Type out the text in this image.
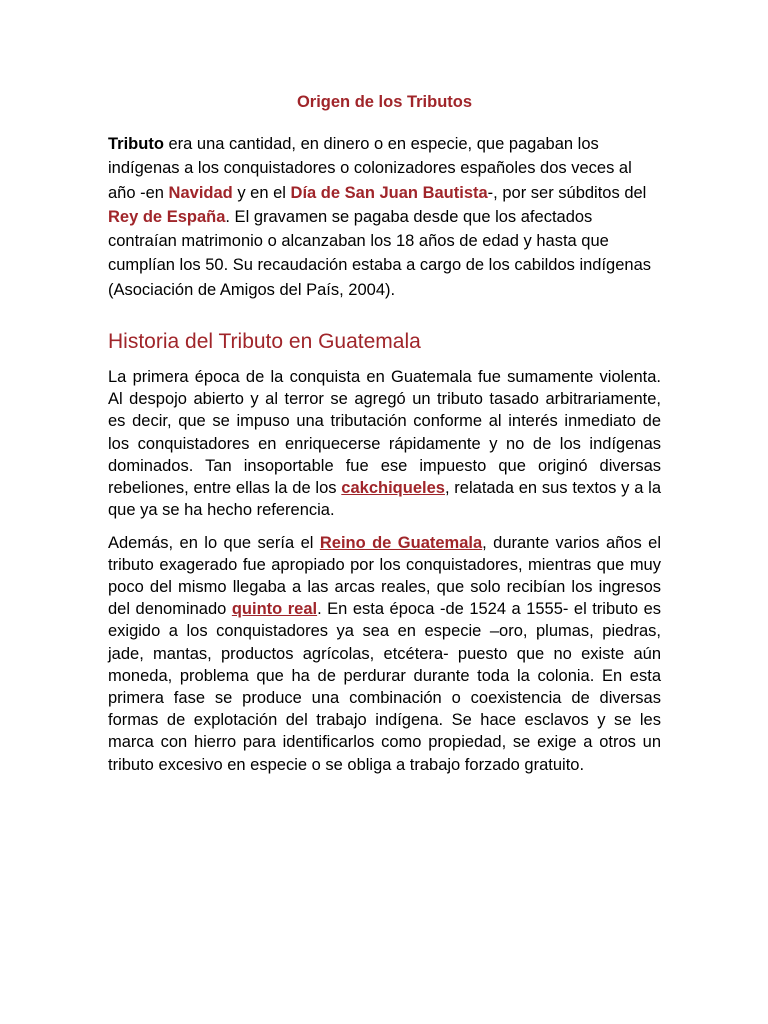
Origen de los Tributos

Tributo era una cantidad, en dinero o en especie, que pagaban los indígenas a los conquistadores o colonizadores españoles dos veces al año -en Navidad y en el Día de San Juan Bautista-, por ser súbditos del Rey de España. El gravamen se pagaba desde que los afectados contraían matrimonio o alcanzaban los 18 años de edad y hasta que cumplían los 50. Su recaudación estaba a cargo de los cabildos indígenas (Asociación de Amigos del País, 2004).

Historia del Tributo en Guatemala

La primera época de la conquista en Guatemala fue sumamente violenta. Al despojo abierto y al terror se agregó un tributo tasado arbitrariamente, es decir, que se impuso una tributación conforme al interés inmediato de los conquistadores en enriquecerse rápidamente y no de los indígenas dominados. Tan insoportable fue ese impuesto que originó diversas rebeliones, entre ellas la de los cakchiqueles, relatada en sus textos y a la que ya se ha hecho referencia.

Además, en lo que sería el Reino de Guatemala, durante varios años el tributo exagerado fue apropiado por los conquistadores, mientras que muy poco del mismo llegaba a las arcas reales, que solo recibían los ingresos del denominado quinto real. En esta época -de 1524 a 1555- el tributo es exigido a los conquistadores ya sea en especie –oro, plumas, piedras, jade, mantas, productos agrícolas, etcétera- puesto que no existe aún moneda, problema que ha de perdurar durante toda la colonia. En esta primera fase se produce una combinación o coexistencia de diversas formas de explotación del trabajo indígena. Se hace esclavos y se les marca con hierro para identificarlos como propiedad, se exige a otros un tributo excesivo en especie o se obliga a trabajo forzado gratuito.
